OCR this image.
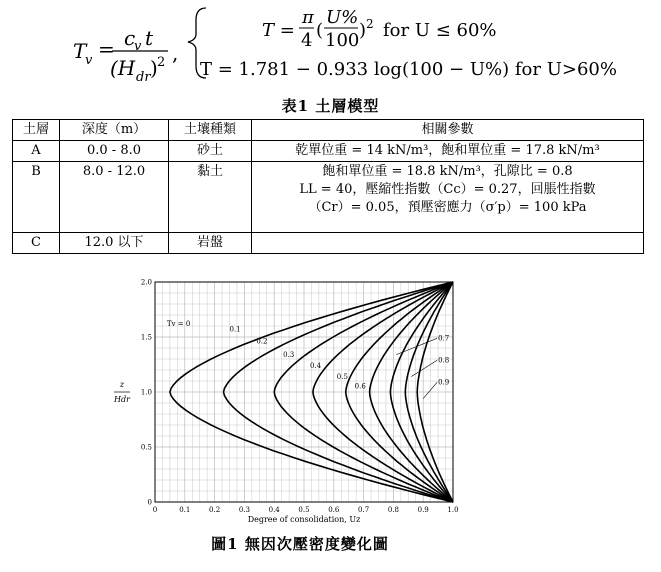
T
v = c
v t
(H dr ) 2 ,
T =
π
4 (
U%
100 ) 2 for U ≤ 60%
T = 1.781 − 0.933 log(100 − U%) for U>60%
表1 土層模型
土層	深度（m）	土壤種類	相關參數
A	0.0 - 8.0	砂土	乾單位重 = 14 kN/m³，飽和單位重 = 17.8 kN/m³

B	8.0 - 12.0	黏土	飽和單位重 = 18.8 kN/m³，孔隙比 = 0.8
LL = 40，壓縮性指數（Cc）= 0.27，回脹性指數
（Cr）= 0.05，預壓密應力（σ′p）= 100 kPa

C	12.0 以下	岩盤	
0	0.1	0.2	0.3	0.4	0.5	0.6	0.7	0.8	0.9	1.0
0
0.5
1.0
1.5
2.0
Degree of consolidation, Uz
z
Hdr
Tv = 0
0.1
0.2
0.3
0.4
0.5
0.6
0.7
0.8
0.9
圖1 無因次壓密度變化圖
